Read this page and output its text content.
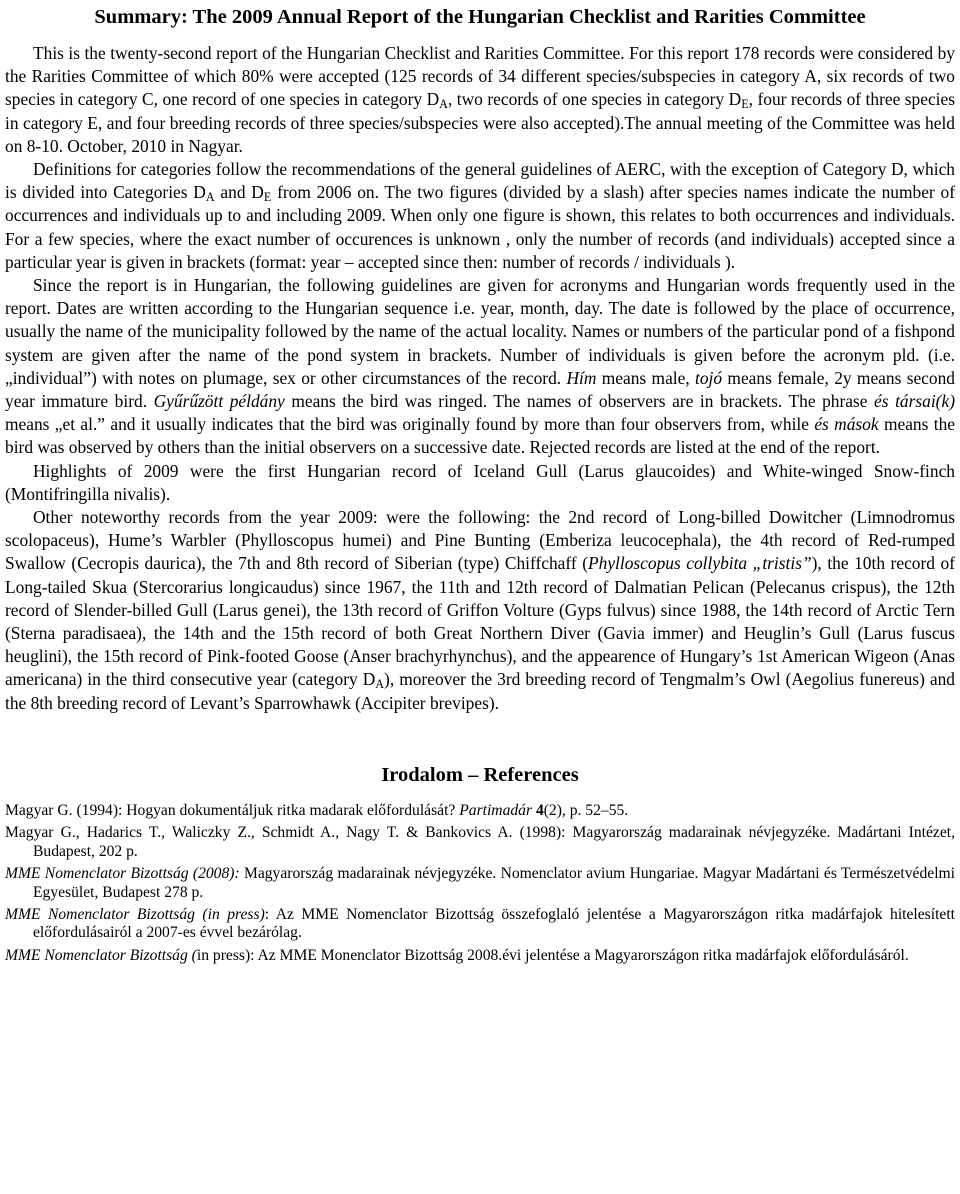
Summary: The 2009 Annual Report of the Hungarian Checklist and Rarities Committee

This is the twenty-second report of the Hungarian Checklist and Rarities Committee. For this report 178 records were considered by the Rarities Committee of which 80% were accepted (125 records of 34 different species/subspecies in category A, six records of two species in category C, one record of one species in category $D_A$, two records of one species in category $D_E$, four records of three species in category E, and four breeding records of three species/subspecies were also accepted).The annual meeting of the Committee was held on 8-10. October, 2010 in Nagyar.

Definitions for categories follow the recommendations of the general guidelines of AERC, with the exception of Category D, which is divided into Categories $D_A$ and $D_E$ from 2006 on. The two figures (divided by a slash) after species names indicate the number of occurrences and individuals up to and including 2009. When only one figure is shown, this relates to both occurrences and individuals. For a few species, where the exact number of occurences is unknown , only the number of records (and individuals) accepted since a particular year is given in brackets (format: year – accepted since then: number of records / individuals ).

Since the report is in Hungarian, the following guidelines are given for acronyms and Hungarian words frequently used in the report. Dates are written according to the Hungarian sequence i.e. year, month, day. The date is followed by the place of occurrence, usually the name of the municipality followed by the name of the actual locality. Names or numbers of the particular pond of a fishpond system are given after the name of the pond system in brackets. Number of individuals is given before the acronym pld. (i.e. „individual”) with notes on plumage, sex or other circumstances of the record. Hím means male, tojó means female, 2y means second year immature bird. Gyűrűzött példány means the bird was ringed. The names of observers are in brackets. The phrase és társai(k) means „et al.” and it usually indicates that the bird was originally found by more than four observers from, while és mások means the bird was observed by others than the initial observers on a successive date. Rejected records are listed at the end of the report.

Highlights of 2009 were the first Hungarian record of Iceland Gull (Larus glaucoides) and White-winged Snow-finch (Montifringilla nivalis).

Other noteworthy records from the year 2009: were the following: the 2nd record of Long-billed Dowitcher (Limnodromus scolopaceus), Hume’s Warbler (Phylloscopus humei) and Pine Bunting (Emberiza leucocephala), the 4th record of Red-rumped Swallow (Cecropis daurica), the 7th and 8th record of Siberian (type) Chiffchaff (Phylloscopus collybita „tristis”), the 10th record of Long-tailed Skua (Stercorarius longicaudus) since 1967, the 11th and 12th record of Dalmatian Pelican (Pelecanus crispus), the 12th record of Slender-billed Gull (Larus genei), the 13th record of Griffon Volture (Gyps fulvus) since 1988, the 14th record of Arctic Tern (Sterna paradisaea), the 14th and the 15th record of both Great Northern Diver (Gavia immer) and Heuglin’s Gull (Larus fuscus heuglini), the 15th record of Pink-footed Goose (Anser brachyrhynchus), and the appearence of Hungary’s 1st American Wigeon (Anas americana) in the third consecutive year (category $D_A$), moreover the 3rd breeding record of Tengmalm’s Owl (Aegolius funereus) and the 8th breeding record of Levant’s Sparrowhawk (Accipiter brevipes).

Irodalom – References
Magyar G. (1994): Hogyan dokumentáljuk ritka madarak előfordulását? Partimadár 4(2), p. 52–55.
Magyar G., Hadarics T., Waliczky Z., Schmidt A., Nagy T. & Bankovics A. (1998): Magyarország madarainak névjegyzéke. Madártani Intézet, Budapest, 202 p.
MME Nomenclator Bizottság (2008): Magyarország madarainak névjegyzéke. Nomenclator avium Hungariae. Magyar Madártani és Természetvédelmi Egyesület, Budapest 278 p.
MME Nomenclator Bizottság (in press): Az MME Nomenclator Bizottság összefoglaló jelentése a Magyarországon ritka madárfajok hitelesített előfordulásairól a 2007-es évvel bezárólag.
MME Nomenclator Bizottság (in press): Az MME Monenclator Bizottság 2008.évi jelentése a Magyarországon ritka madárfajok előfordulásáról.
